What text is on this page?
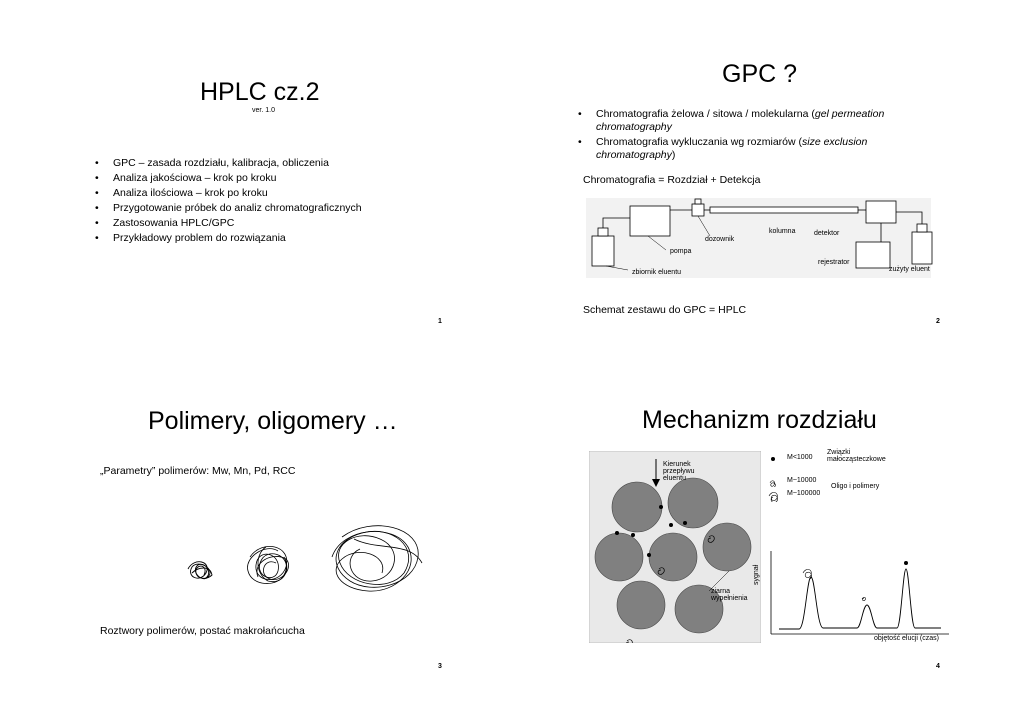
HPLC cz.2
ver. 1.0
• GPC – zasada rozdziału, kalibracja, obliczenia
• Analiza jakościowa – krok po kroku
• Analiza ilościowa – krok po kroku
• Przygotowanie próbek do analiz chromatograficznych
• Zastosowania HPLC/GPC
• Przykładowy problem do rozwiązania
1
GPC ?
• Chromatografia żelowa / sitowa / molekularna (gel permeation chromatography
• Chromatografia wykluczania wg rozmiarów (size exclusion chromatography)
Chromatografia = Rozdział + Detekcja
dozownik
kolumna	detektor
pompa
rejestrator
zbiornik eluentu	zużyty eluent
Schemat zestawu do GPC = HPLC
2
Polimery, oligomery …
„Parametry” polimerów: Mw, Mn, Pd, RCC
Roztwory polimerów, postać makrołańcucha
3
Mechanizm rozdziału
Kierunek przepływu eluentu
ziarna wypełnienia
M<1000
Związki małocząsteczkowe
M~10000
Oligo i polimery
M~100000
sygnał
objętość elucji (czas)
4
